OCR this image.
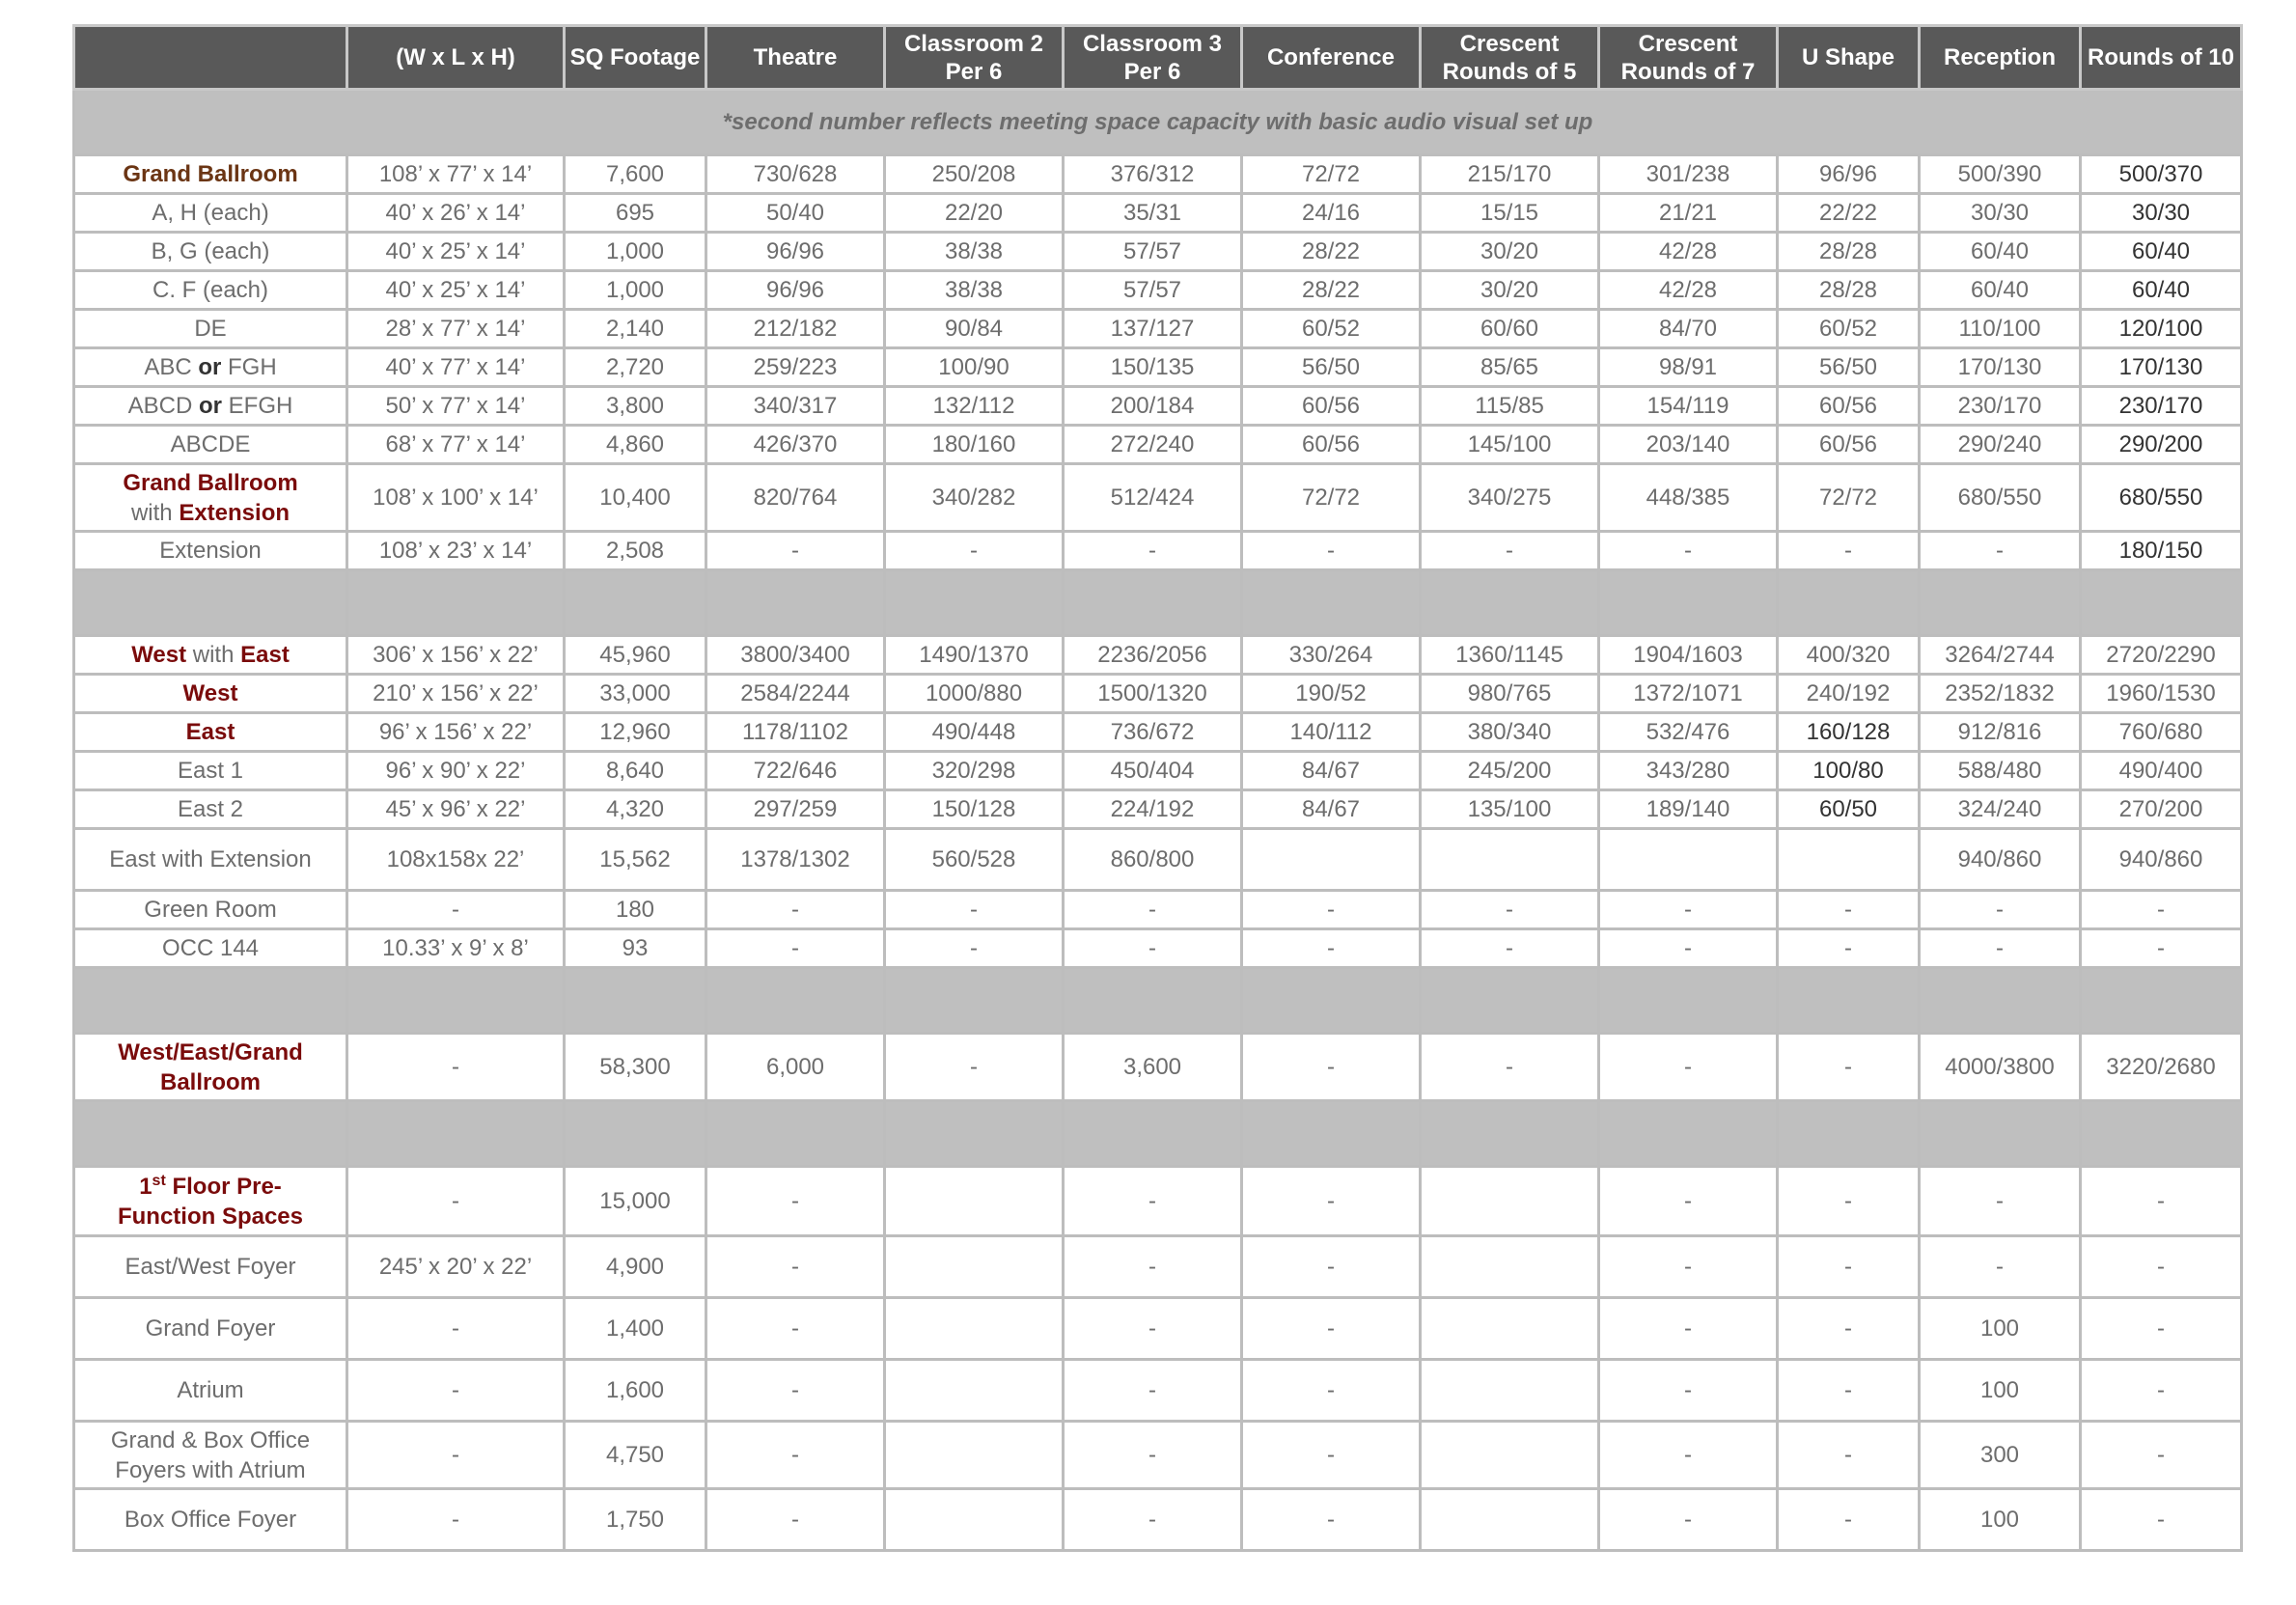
	(W x L x H)	SQ Footage	Theatre	Classroom 2 Per 6	Classroom 3 Per 6	Conference	Crescent Rounds of 5	Crescent Rounds of 7	U Shape	Reception	Rounds of 10
*second number reflects meeting space capacity with basic audio visual set up											
Grand Ballroom	108’ x 77’ x 14’	7,600	730/628	250/208	376/312	72/72	215/170	301/238	96/96	500/390	500/370
A, H (each)	40’ x 26’ x 14’	695	50/40	22/20	35/31	24/16	15/15	21/21	22/22	30/30	30/30
B, G (each)	40’ x 25’ x 14’	1,000	96/96	38/38	57/57	28/22	30/20	42/28	28/28	60/40	60/40
C. F (each)	40’ x 25’ x 14’	1,000	96/96	38/38	57/57	28/22	30/20	42/28	28/28	60/40	60/40
DE	28’ x 77’ x 14’	2,140	212/182	90/84	137/127	60/52	60/60	84/70	60/52	110/100	120/100
ABC or FGH	40’ x 77’ x 14’	2,720	259/223	100/90	150/135	56/50	85/65	98/91	56/50	170/130	170/130
ABCD or EFGH	50’ x 77’ x 14’	3,800	340/317	132/112	200/184	60/56	115/85	154/119	60/56	230/170	230/170
ABCDE	68’ x 77’ x 14’	4,860	426/370	180/160	272/240	60/56	145/100	203/140	60/56	290/240	290/200
Grand Ballroom
with Extension	108’ x 100’ x 14’	10,400	820/764	340/282	512/424	72/72	340/275	448/385	72/72	680/550	680/550
Extension	108’ x 23’ x 14’	2,508	-	-	-	-	-	-	-	-	180/150

West with East	306’ x 156’ x 22’	45,960	3800/3400	1490/1370	2236/2056	330/264	1360/1145	1904/1603	400/320	3264/2744	2720/2290
West	210’ x 156’ x 22’	33,000	2584/2244	1000/880	1500/1320	190/52	980/765	1372/1071	240/192	2352/1832	1960/1530
East	96’ x 156’ x 22’	12,960	1178/1102	490/448	736/672	140/112	380/340	532/476	160/128	912/816	760/680
East 1	96’ x 90’ x 22’	8,640	722/646	320/298	450/404	84/67	245/200	343/280	100/80	588/480	490/400
East 2	45’ x 96’ x 22’	4,320	297/259	150/128	224/192	84/67	135/100	189/140	60/50	324/240	270/200
East with Extension	108x158x 22’	15,562	1378/1302	560/528	860/800					940/860	940/860
Green Room	-	180	-	-	-	-	-	-	-	-	-
OCC 144	10.33’ x 9’ x 8’	93	-	-	-	-	-	-	-	-	-

West/East/Grand
Ballroom	-	58,300	6,000	-	3,600	-	-	-	-	4000/3800	3220/2680

1st Floor Pre-
Function Spaces	-	15,000	-		-	-		-	-	-	-
East/West Foyer	245’ x 20’ x 22’	4,900	-		-	-		-	-	-	-
Grand Foyer	-	1,400	-		-	-		-	-	100	-
Atrium	-	1,600	-		-	-		-	-	100	-
Grand & Box Office
Foyers with Atrium	-	4,750	-		-	-		-	-	300	-
Box Office Foyer	-	1,750	-		-	-		-	-	100	-
